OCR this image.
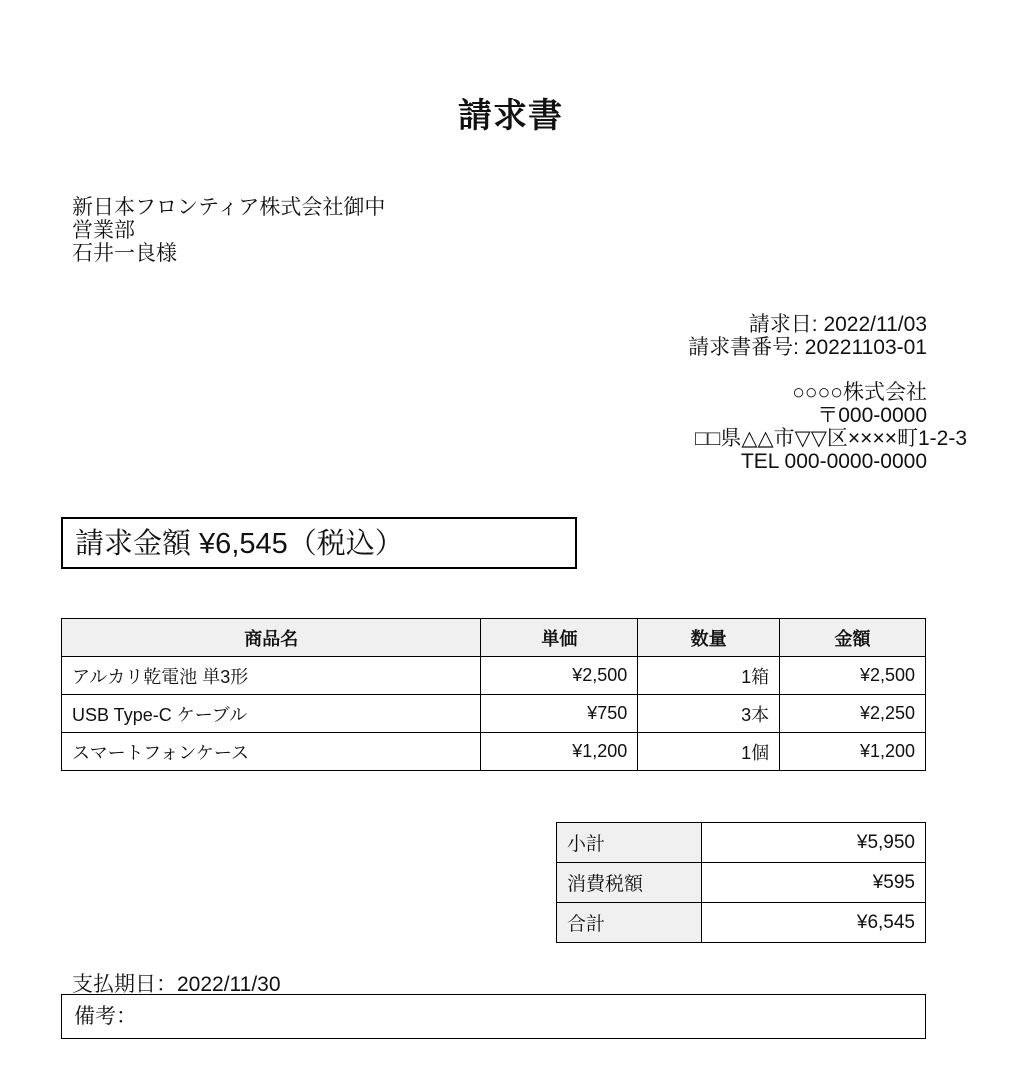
請求書
新日本フロンティア株式会社御中
営業部
石井一良様
請求日: 2022/11/03
請求書番号: 20221103-01
○○○○株式会社
〒000-0000
□□県△△市▽▽区××××町1-2-3
TEL 000-0000-0000
請求金額 ¥6,545（税込）
商品名	単価	数量	金額
アルカリ乾電池 単3形	¥2,500	1箱	¥2,500
USB Type-C ケーブル	¥750	3本	¥2,250
スマートフォンケース	¥1,200	1個	¥1,200
小計	¥5,950
消費税額	¥595
合計	¥6,545
支払期日：2022/11/30
備考：
